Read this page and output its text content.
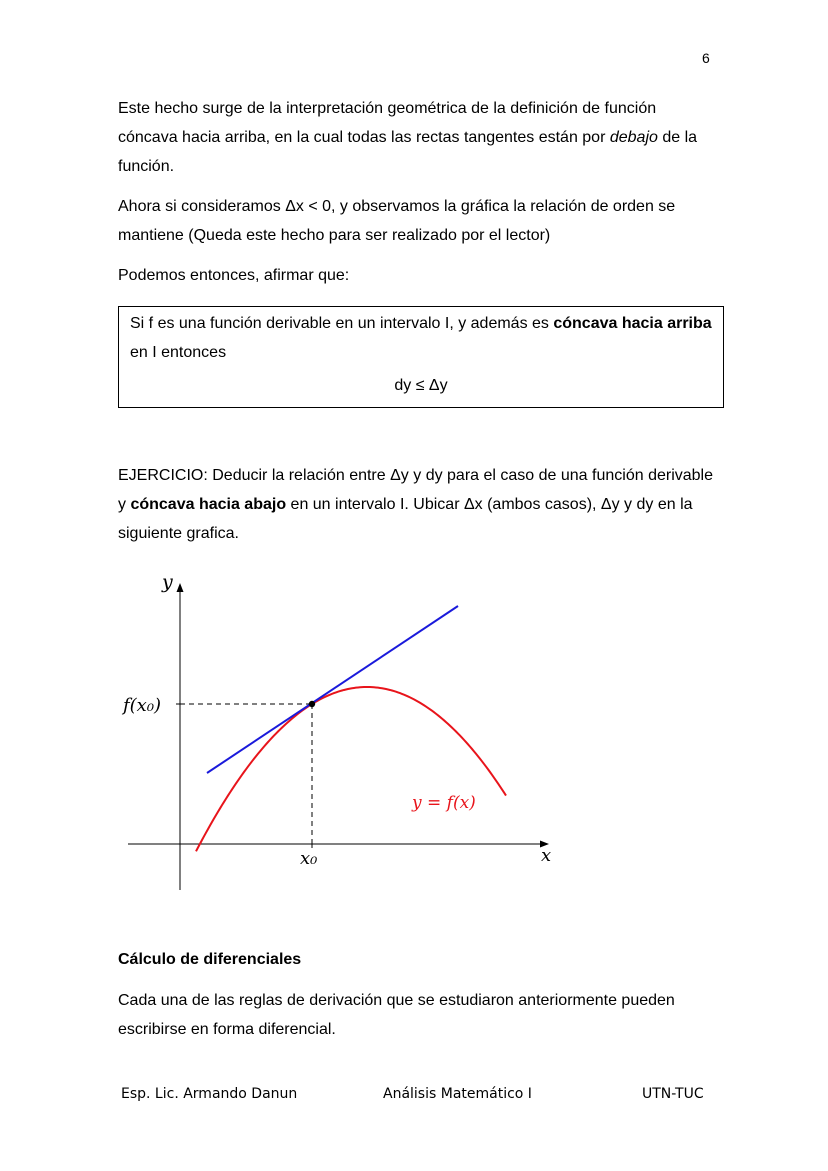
6

Este hecho surge de la interpretación geométrica de la definición de función cóncava hacia arriba, en la cual todas las rectas tangentes están por debajo de la función.

Ahora si consideramos Δx < 0, y observamos la gráfica la relación de orden se mantiene (Queda este hecho para ser realizado por el lector)

Podemos entonces, afirmar que:

Si f es una función derivable en un intervalo I, y además es cóncava hacia arriba en I entonces

dy ≤ Δy

EJERCICIO: Deducir la relación entre Δy y dy para el caso de una función derivable y cóncava hacia abajo en un intervalo I. Ubicar Δx (ambos casos), Δy y dy en la siguiente grafica.

y
x
f(x₀)
x₀
y = f(x)
Cálculo de diferenciales

Cada una de las reglas de derivación que se estudiaron anteriormente pueden escribirse en forma diferencial.

Esp. Lic. Armando Danun	Análisis Matemático I	UTN-TUC
